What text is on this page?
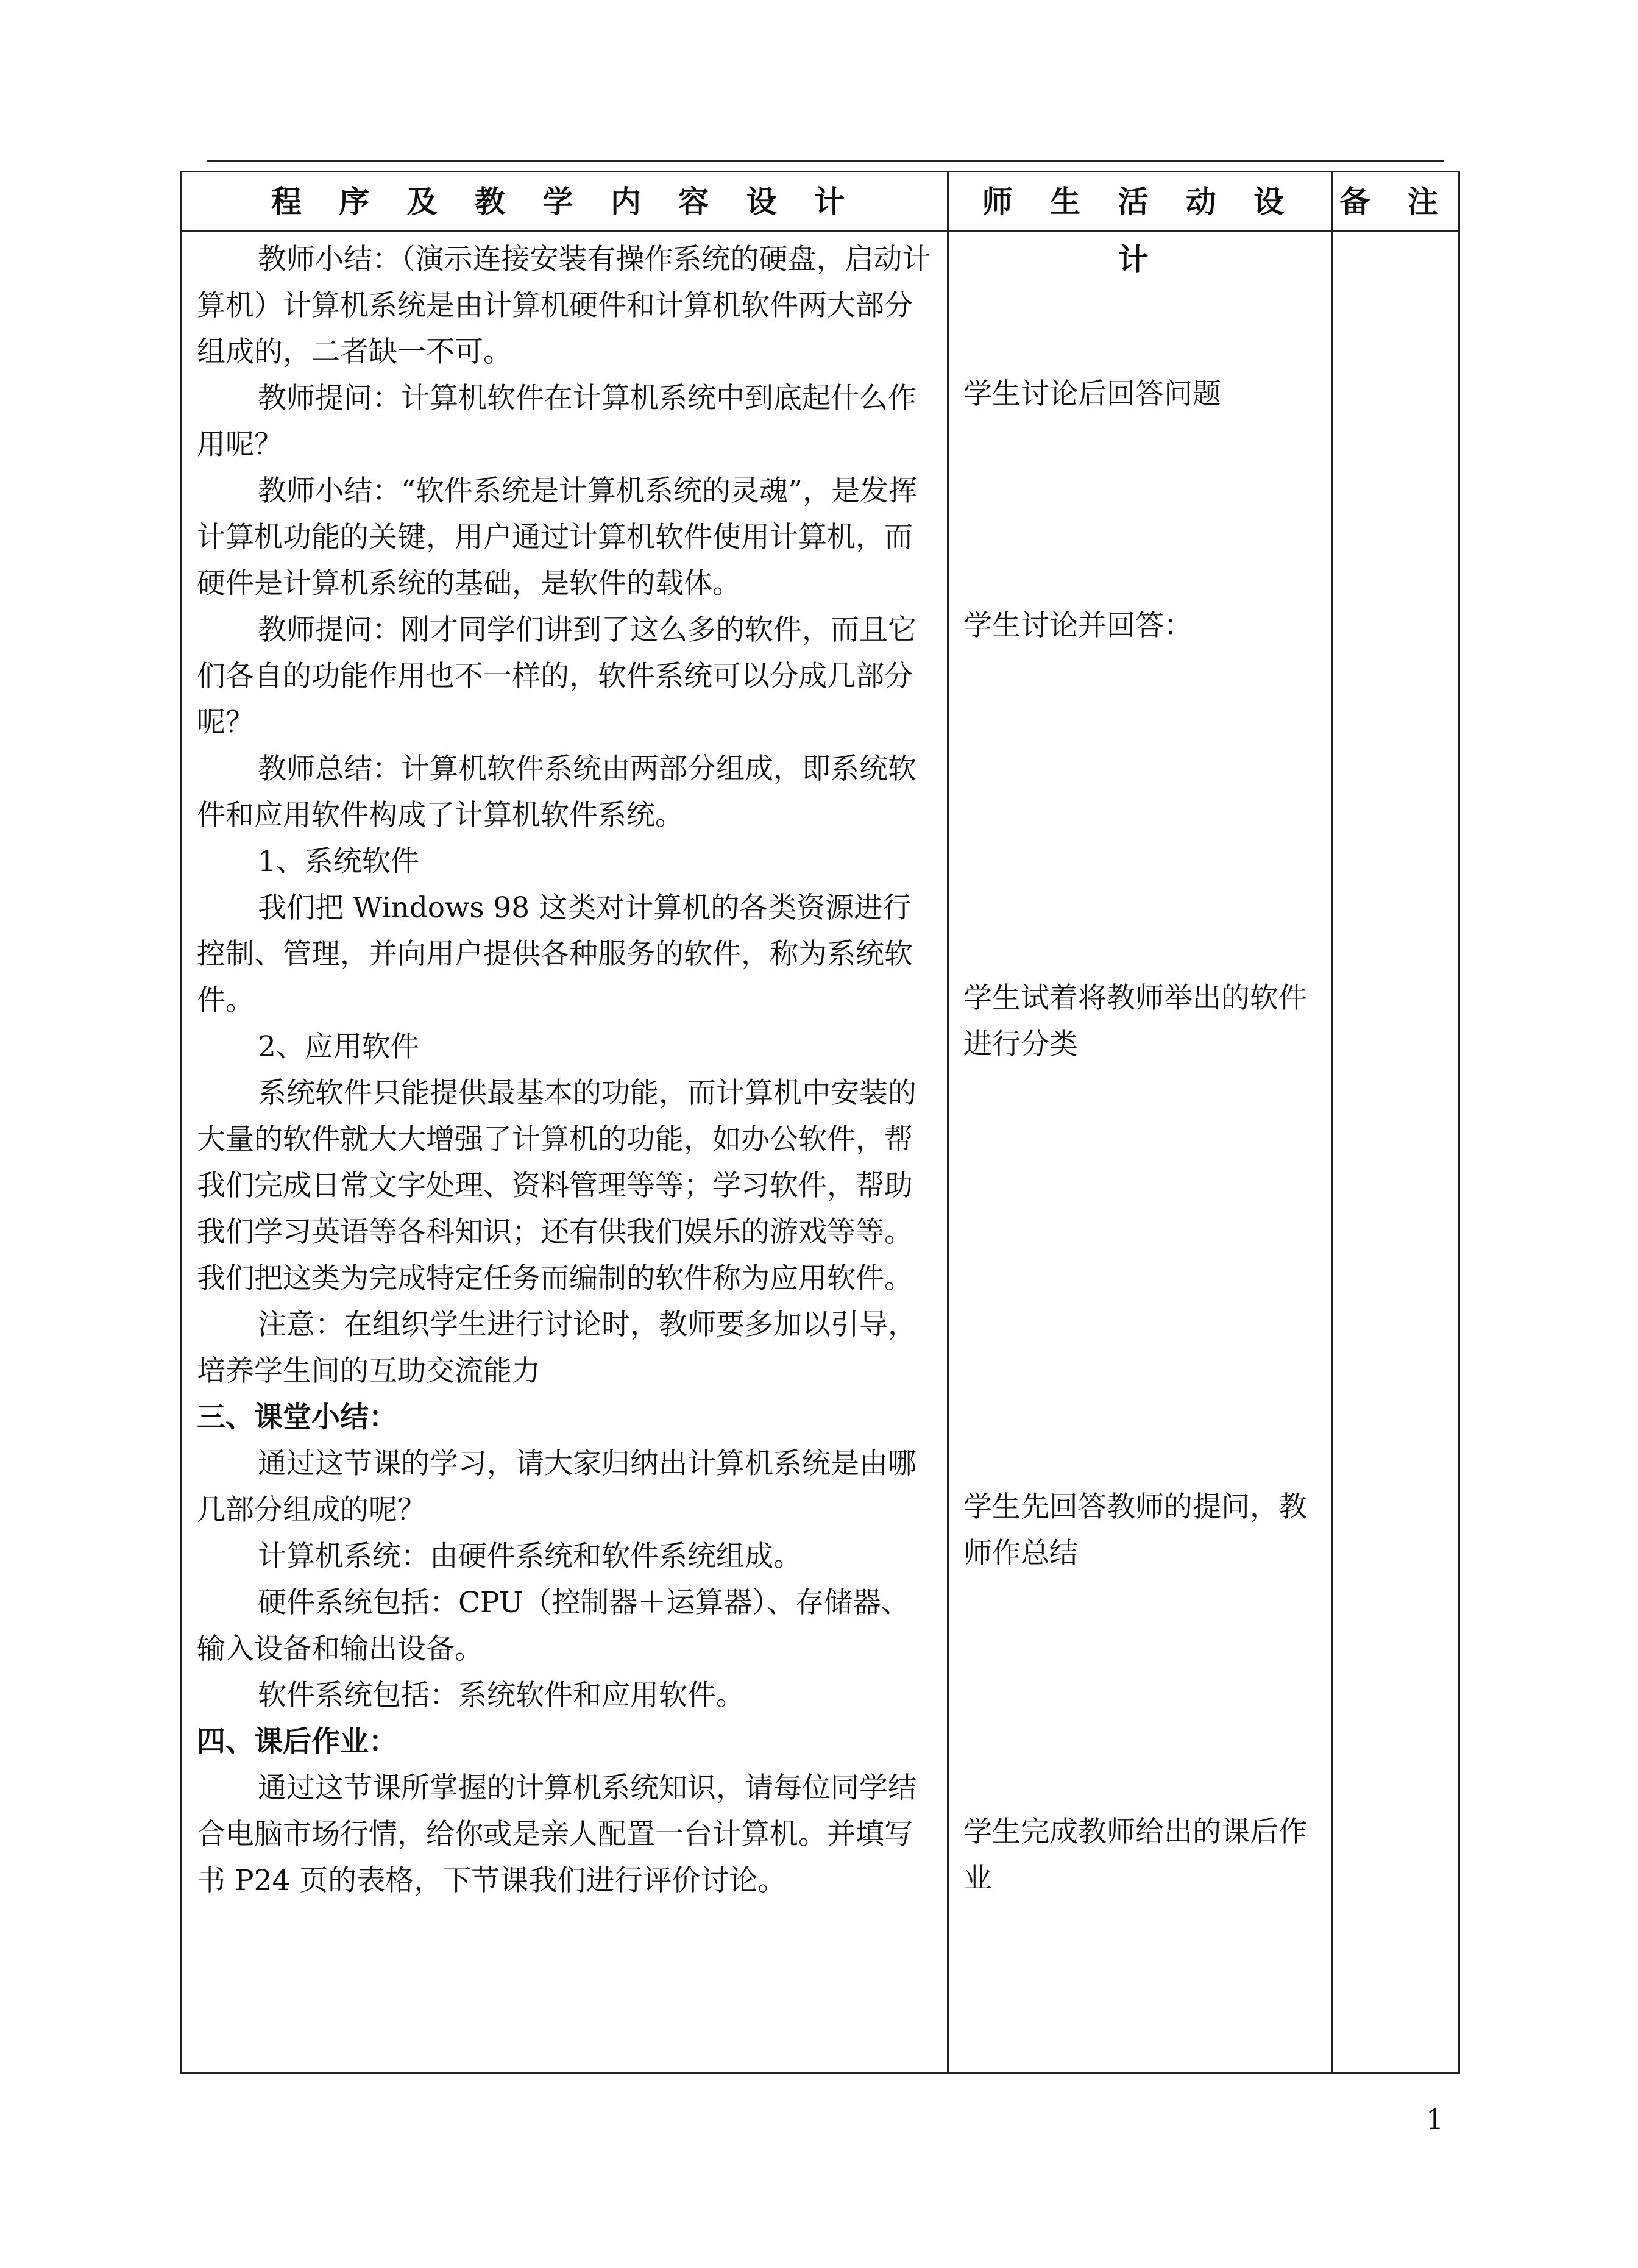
程 序 及 教 学 内 容 设 计	师 生 活 动 设 计
备 注

教师小结：（演示连接安装有操作系统的硬盘，启动计算机）计算机系统是由计算机硬件和计算机软件两大部分组成的，二者缺一不可。

教师提问：计算机软件在计算机系统中到底起什么作用呢？

教师小结：“软件系统是计算机系统的灵魂”，是发挥计算机功能的关键，用户通过计算机软件使用计算机，而硬件是计算机系统的基础，是软件的载体。

教师提问：刚才同学们讲到了这么多的软件，而且它们各自的功能作用也不一样的，软件系统可以分成几部分呢？

教师总结：计算机软件系统由两部分组成，即系统软件和应用软件构成了计算机软件系统。

1、系统软件

我们把 Windows 98 这类对计算机的各类资源进行控制、管理，并向用户提供各种服务的软件，称为系统软件。

2、应用软件

系统软件只能提供最基本的功能，而计算机中安装的大量的软件就大大增强了计算机的功能，如办公软件，帮我们完成日常文字处理、资料管理等等；学习软件，帮助我们学习英语等各科知识；还有供我们娱乐的游戏等等。我们把这类为完成特定任务而编制的软件称为应用软件。

注意：在组织学生进行讨论时，教师要多加以引导，培养学生间的互助交流能力

三、课堂小结：

通过这节课的学习，请大家归纳出计算机系统是由哪几部分组成的呢？

计算机系统：由硬件系统和软件系统组成。

硬件系统包括：CPU（控制器＋运算器）、存储器、输入设备和输出设备。

软件系统包括：系统软件和应用软件。

四、课后作业：

通过这节课所掌握的计算机系统知识，请每位同学结合电脑市场行情，给你或是亲人配置一台计算机。并填写书 P24 页的表格，下节课我们进行评价讨论。

学生讨论后回答问题

学生讨论并回答：

学生试着将教师举出的软件进行分类

学生先回答教师的提问，教师作总结

学生完成教师给出的课后作业

1
